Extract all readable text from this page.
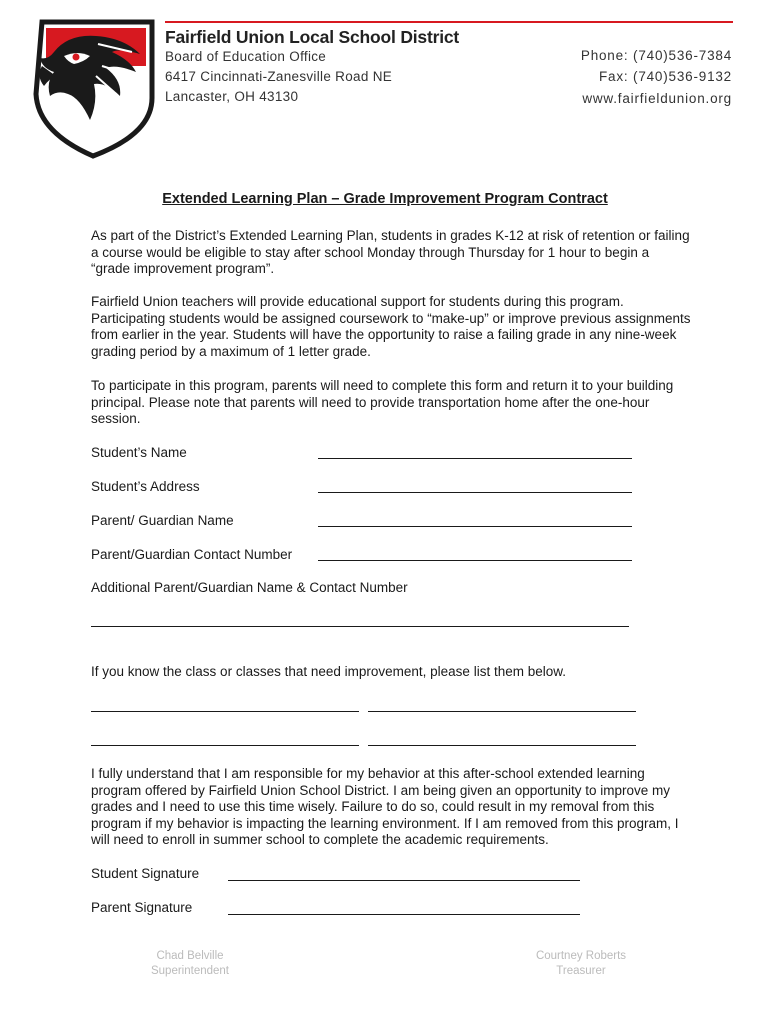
Fairfield Union Local School District
Board of Education Office
6417 Cincinnati-Zanesville Road NE
Lancaster, OH 43130
Phone: (740)536-7384
Fax: (740)536-9132
www.fairfieldunion.org
Extended Learning Plan – Grade Improvement Program Contract
As part of the District’s Extended Learning Plan, students in grades K-12 at risk of retention or failing a course would be eligible to stay after school Monday through Thursday for 1 hour to begin a “grade improvement program”.
Fairfield Union teachers will provide educational support for students during this program. Participating students would be assigned coursework to “make-up” or improve previous assignments from earlier in the year. Students will have the opportunity to raise a failing grade in any nine-week grading period by a maximum of 1 letter grade.
To participate in this program, parents will need to complete this form and return it to your building principal. Please note that parents will need to provide transportation home after the one-hour session.
Student’s Name
Student’s Address
Parent/ Guardian Name
Parent/Guardian Contact Number
Additional Parent/Guardian Name & Contact Number
If you know the class or classes that need improvement, please list them below.
I fully understand that I am responsible for my behavior at this after-school extended learning program offered by Fairfield Union School District. I am being given an opportunity to improve my grades and I need to use this time wisely. Failure to do so, could result in my removal from this program if my behavior is impacting the learning environment. If I am removed from this program, I will need to enroll in summer school to complete the academic requirements.
Student Signature
Parent Signature
Chad Belville
Superintendent
Courtney Roberts
Treasurer
